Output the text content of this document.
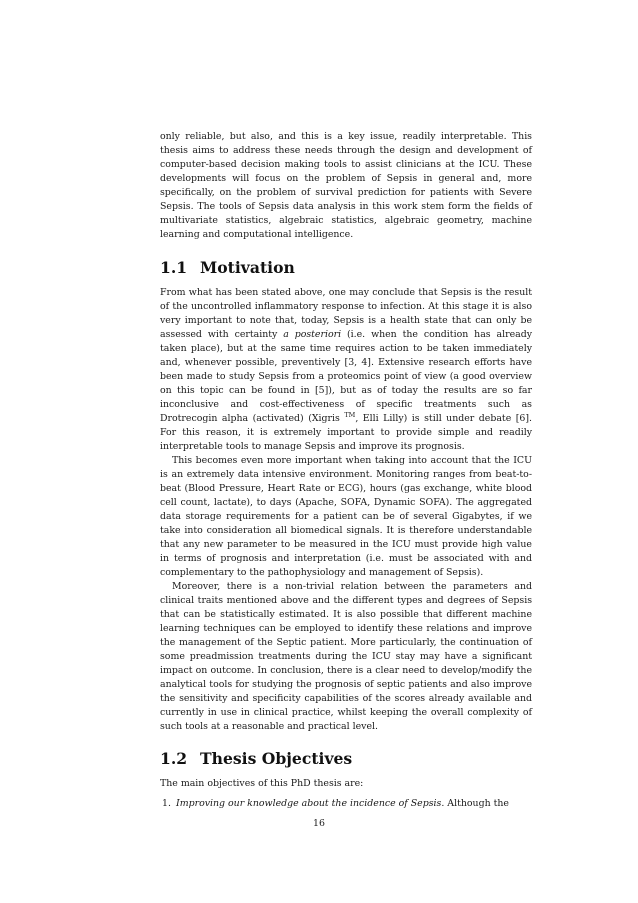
only reliable, but also, and this is a key issue, readily interpretable. This thesis aims to address these needs through the design and development of computer-based decision making tools to assist clinicians at the ICU. These developments will focus on the problem of Sepsis in general and, more specifically, on the problem of survival prediction for patients with Severe Sepsis. The tools of Sepsis data analysis in this work stem form the fields of multivariate statistics, algebraic statistics, algebraic geometry, machine learning and computational intelligence.

1.1 Motivation

From what has been stated above, one may conclude that Sepsis is the result of the uncontrolled inflammatory response to infection. At this stage it is also very important to note that, today, Sepsis is a health state that can only be assessed with certainty a posteriori (i.e. when the condition has already taken place), but at the same time requires action to be taken immediately and, whenever possible, preventively [3, 4]. Extensive research efforts have been made to study Sepsis from a proteomics point of view (a good overview on this topic can be found in [5]), but as of today the results are so far inconclusive and cost-effectiveness of specific treatments such as Drotrecogin alpha (activated) (Xigris ™, Elli Lilly) is still under debate [6]. For this reason, it is extremely important to provide simple and readily interpretable tools to manage Sepsis and improve its prognosis.

This becomes even more important when taking into account that the ICU is an extremely data intensive environment. Monitoring ranges from beat-to-beat (Blood Pressure, Heart Rate or ECG), hours (gas exchange, white blood cell count, lactate), to days (Apache, SOFA, Dynamic SOFA). The aggregated data storage requirements for a patient can be of several Gigabytes, if we take into consideration all biomedical signals. It is therefore understandable that any new parameter to be measured in the ICU must provide high value in terms of prognosis and interpretation (i.e. must be associated with and complementary to the pathophysiology and management of Sepsis).

Moreover, there is a non-trivial relation between the parameters and clinical traits mentioned above and the different types and degrees of Sepsis that can be statistically estimated. It is also possible that different machine learning techniques can be employed to identify these relations and improve the management of the Septic patient. More particularly, the continuation of some preadmission treatments during the ICU stay may have a significant impact on outcome. In conclusion, there is a clear need to develop/modify the analytical tools for studying the prognosis of septic patients and also improve the sensitivity and specificity capabilities of the scores already available and currently in use in clinical practice, whilst keeping the overall complexity of such tools at a reasonable and practical level.

1.2 Thesis Objectives

The main objectives of this PhD thesis are:

1. Improving our knowledge about the incidence of Sepsis. Although the
16
